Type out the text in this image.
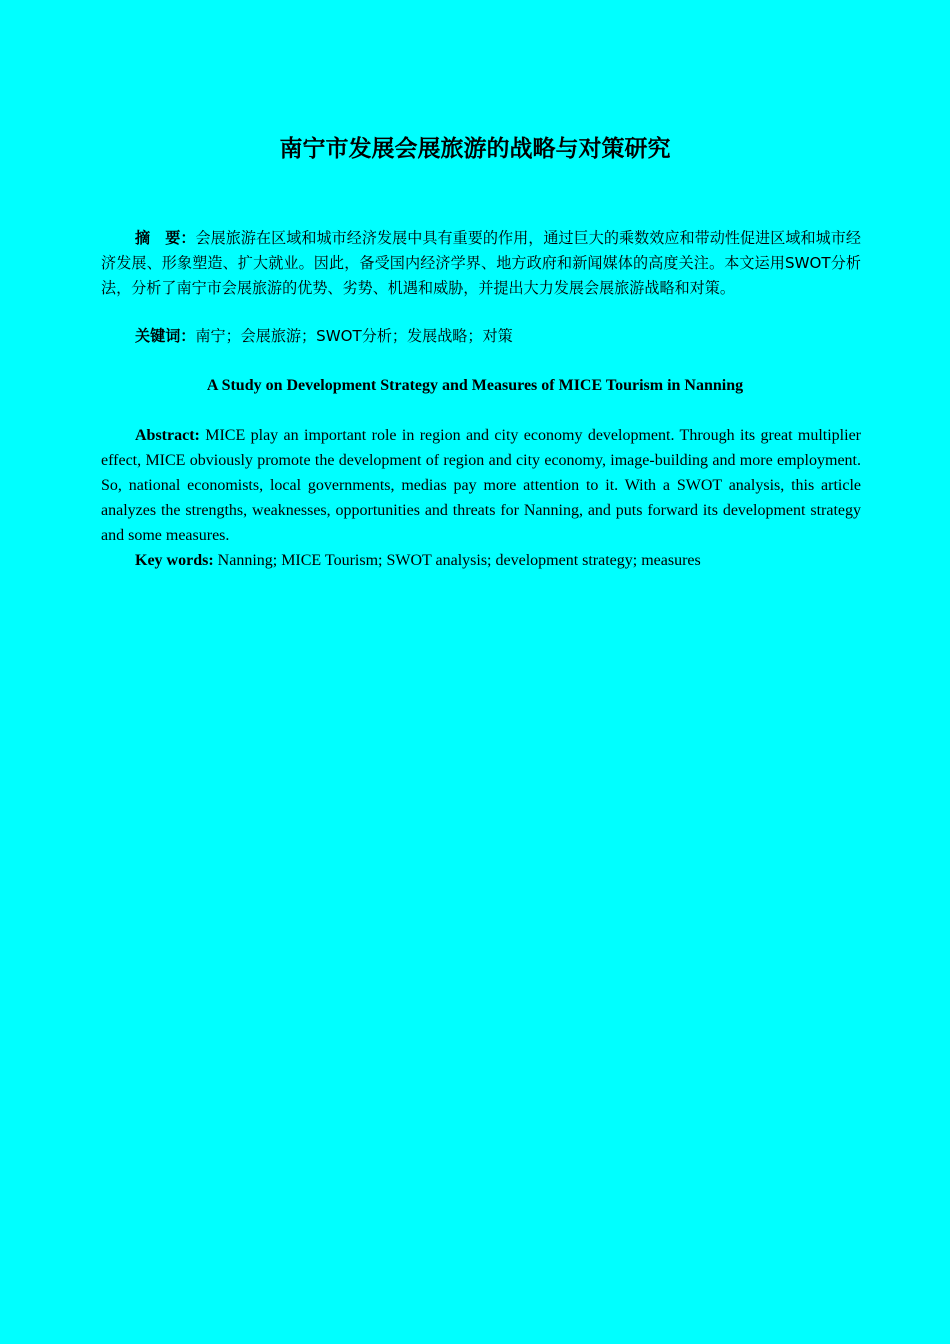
南宁市发展会展旅游的战略与对策研究

摘　要：会展旅游在区域和城市经济发展中具有重要的作用，通过巨大的乘数效应和带动性促进区域和城市经济发展、形象塑造、扩大就业。因此，备受国内经济学界、地方政府和新闻媒体的高度关注。本文运用SWOT分析法，分析了南宁市会展旅游的优势、劣势、机遇和威胁，并提出大力发展会展旅游战略和对策。

关键词：南宁；会展旅游；SWOT分析；发展战略；对策

A Study on Development Strategy and Measures of MICE Tourism in Nanning

Abstract: MICE play an important role in region and city economy development. Through its great multiplier effect, MICE obviously promote the development of region and city economy, image-building and more employment. So, national economists, local governments, medias pay more attention to it. With a SWOT analysis, this article analyzes the strengths, weaknesses, opportunities and threats for Nanning, and puts forward its development strategy and some measures.

Key words: Nanning; MICE Tourism; SWOT analysis; development strategy; measures
